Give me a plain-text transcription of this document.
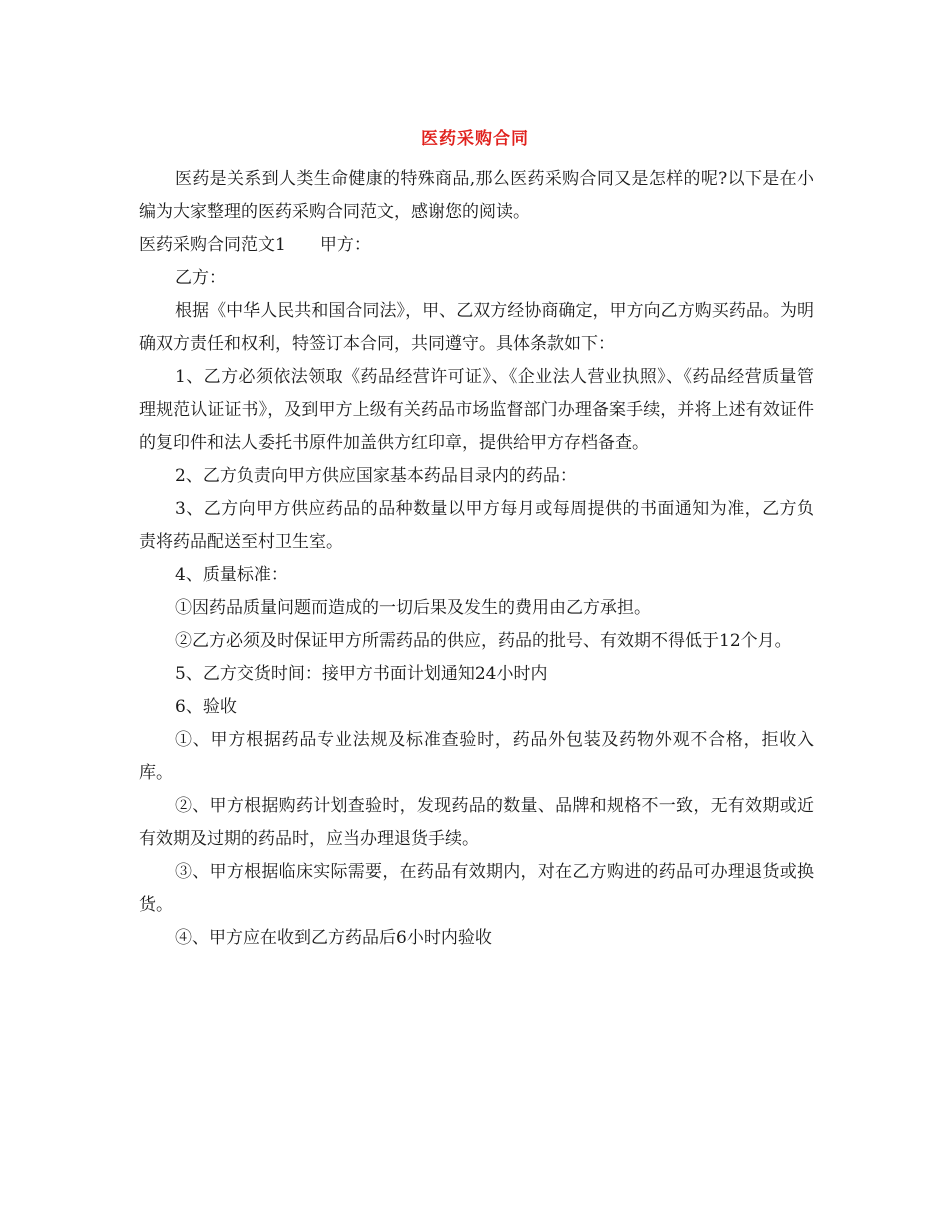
医药采购合同

医药是关系到人类生命健康的特殊商品,那么医药采购合同又是怎样的呢?以下是在小编为大家整理的医药采购合同范文，感谢您的阅读。

医药采购合同范文1 甲方：

乙方：

根据《中华人民共和国合同法》，甲、乙双方经协商确定，甲方向乙方购买药品。为明确双方责任和权利，特签订本合同，共同遵守。具体条款如下：

1、乙方必须依法领取《药品经营许可证》、《企业法人营业执照》、《药品经营质量管理规范认证证书》，及到甲方上级有关药品市场监督部门办理备案手续，并将上述有效证件的复印件和法人委托书原件加盖供方红印章，提供给甲方存档备查。

2、乙方负责向甲方供应国家基本药品目录内的药品：

3、乙方向甲方供应药品的品种数量以甲方每月或每周提供的书面通知为准，乙方负责将药品配送至村卫生室。

4、质量标准：

①因药品质量问题而造成的一切后果及发生的费用由乙方承担。

②乙方必须及时保证甲方所需药品的供应，药品的批号、有效期不得低于12个月。

5、乙方交货时间：接甲方书面计划通知24小时内

6、验收

①、甲方根据药品专业法规及标准查验时，药品外包装及药物外观不合格，拒收入库。

②、甲方根据购药计划查验时，发现药品的数量、品牌和规格不一致，无有效期或近有效期及过期的药品时，应当办理退货手续。

③、甲方根据临床实际需要，在药品有效期内，对在乙方购进的药品可办理退货或换货。

④、甲方应在收到乙方药品后6小时内验收
